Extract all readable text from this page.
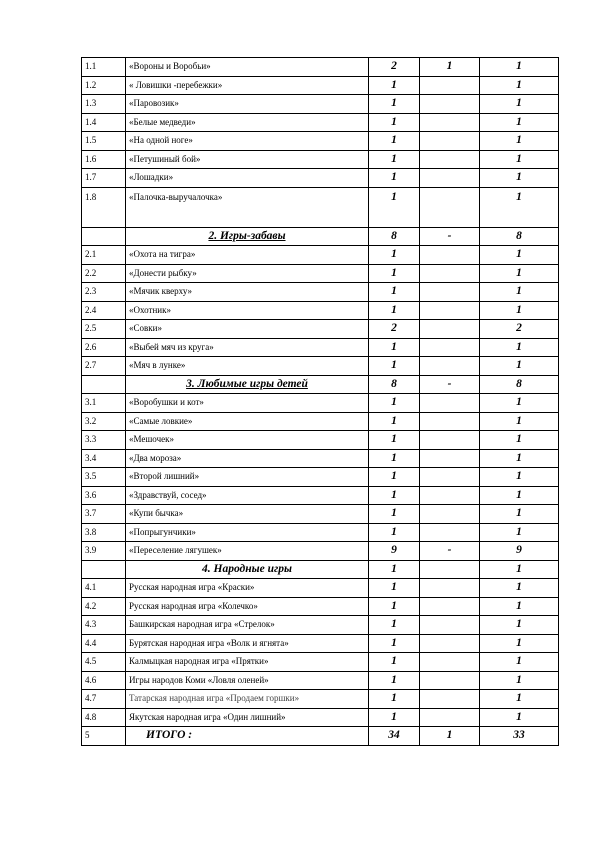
1.1	«Вороны и Воробьи»	2	1	1
1.2	« Ловишки -перебежки»	1		1
1.3	«Паровозик»	1		1
1.4	«Белые медведи»	1		1
1.5	«На одной ноге»	1		1
1.6	«Петушиный бой»	1		1
1.7	«Лошадки»	1		1
1.8	«Палочка-выручалочка»	1		1
	2. Игры-забавы	8	-	8
2.1	«Охота на тигра»	1		1
2.2	«Донести рыбку»	1		1
2.3	«Мячик кверху»	1		1
2.4	«Охотник»	1		1
2.5	«Совки»	2		2
2.6	«Выбей мяч из круга»	1		1
2.7	«Мяч в лунке»	1		1
	3. Любимые игры детей	8	-	8
3.1	«Воробушки и кот»	1		1
3.2	«Самые ловкие»	1		1
3.3	«Мешочек»	1		1
3.4	«Два мороза»	1		1
3.5	«Второй лишний»	1		1
3.6	«Здравствуй, сосед»	1		1
3.7	«Купи бычка»	1		1
3.8	«Попрыгунчики»	1		1
3.9	«Переселение лягушек»	9	-	9
	4. Народные игры	1		1
4.1	Русская народная игра «Краски»	1		1
4.2	Русская народная игра «Колечко»	1		1
4.3	Башкирская народная игра «Стрелок»	1		1
4.4	Бурятская народная игра «Волк и ягнята»	1		1
4.5	Калмыцкая народная игра «Прятки»	1		1
4.6	Игры народов Коми «Ловля оленей»	1		1
4.7	Татарская народная игра «Продаем горшки»	1		1
4.8	Якутская народная игра «Один лишний»	1		1
5	ИТОГО :	34	1	33
